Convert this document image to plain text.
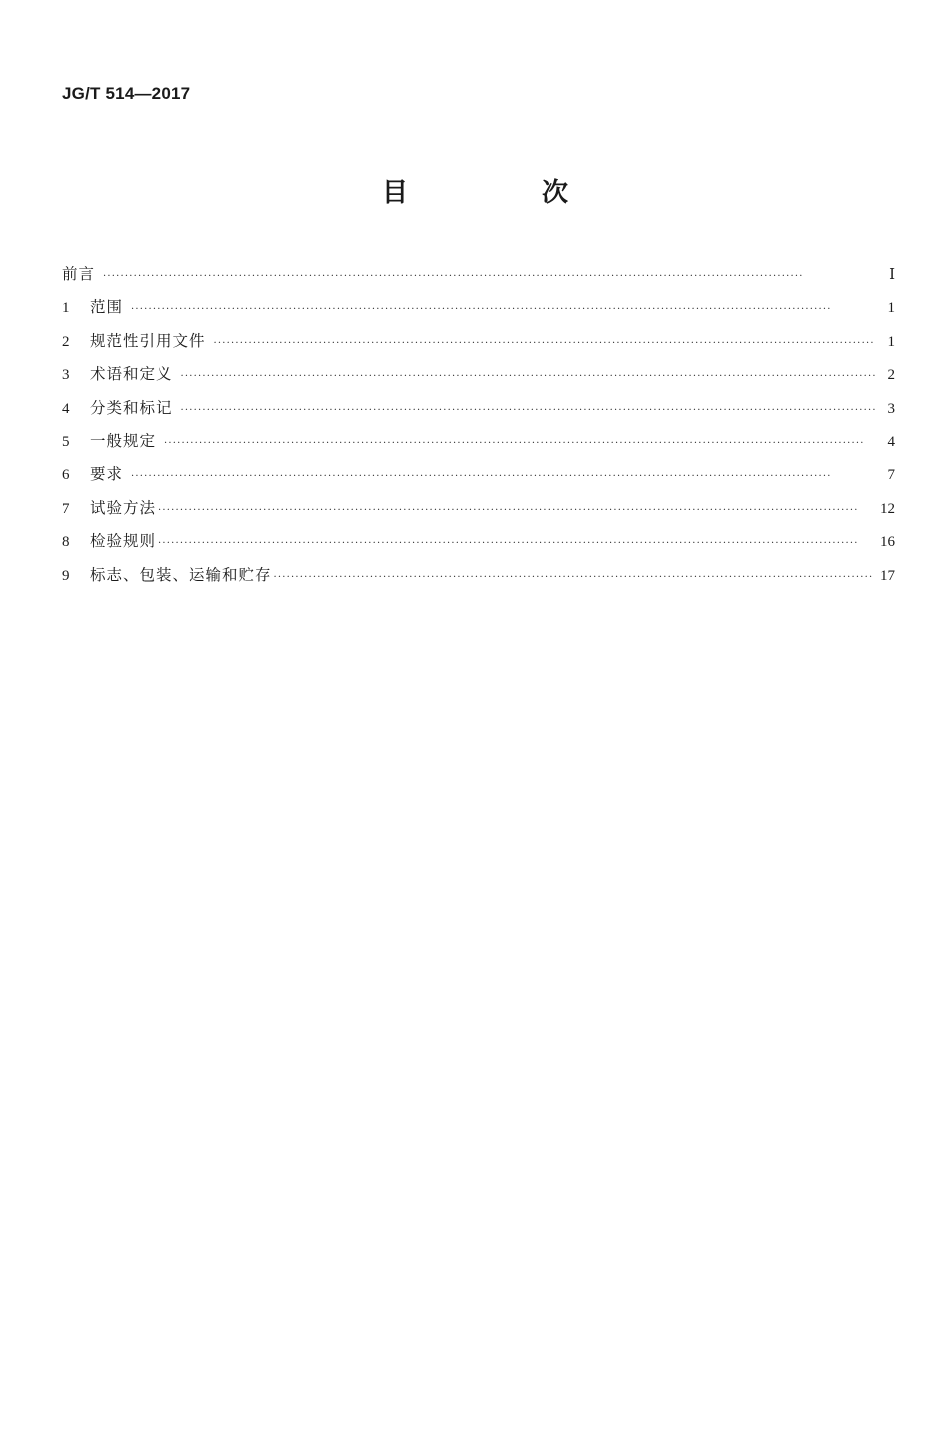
JG/T 514—2017
目　次
前言 ·····	Ⅰ
1	范围 ·····	1
2	规范性引用文件 ·····	1
3	术语和定义 ·····	2
4	分类和标记 ·····	3
5	一般规定 ·····	4
6	要求 ·····	7
7	试验方法 ·····	12
8	检验规则 ·····	16
9	标志、包装、运输和贮存 ·····	17
